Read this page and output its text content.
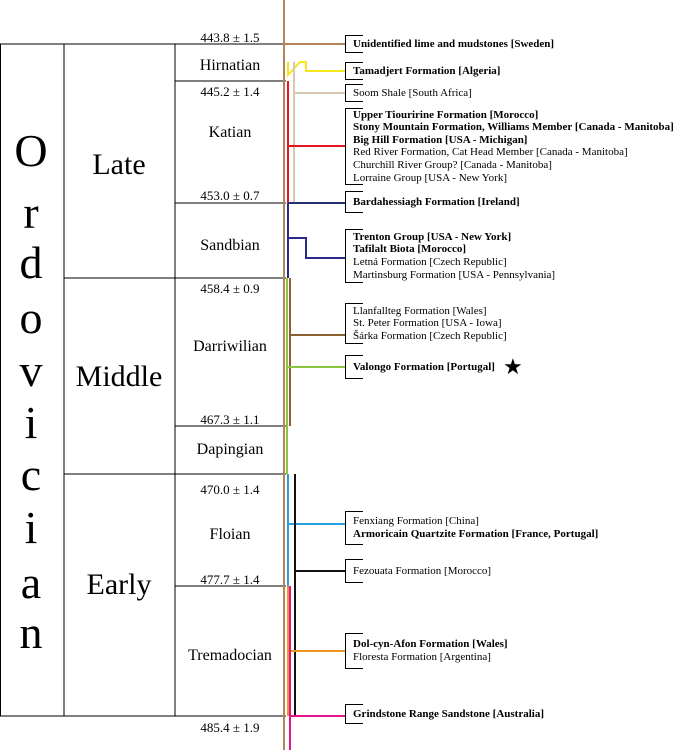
O
r
d
o
v
i
c
i
a
n
Late
Middle
Early
Hirnatian
Katian
Sandbian
Darriwilian
Dapingian
Floian
Tremadocian
443.8 ± 1.5
445.2 ± 1.4
453.0 ± 0.7
458.4 ± 0.9
467.3 ± 1.1
470.0 ± 1.4
477.7 ± 1.4
485.4 ± 1.9
Unidentified lime and mudstones [Sweden]
Tamadjert Formation [Algeria]
Soom Shale [South Africa]
Upper Tiouririne Formation [Morocco]
Stony Mountain Formation, Williams Member [Canada - Manitoba]
Big Hill Formation [USA - Michigan]
Red River Formation, Cat Head Member [Canada - Manitoba]
Churchill River Group? [Canada - Manitoba]
Lorraine Group [USA - New York]
Bardahessiagh Formation [Ireland]
Trenton Group [USA - New York]
Tafilalt Biota [Morocco]
Letná Formation [Czech Republic]
Martinsburg Formation [USA - Pennsylvania]
Llanfallteg Formation [Wales]
St. Peter Formation [USA - Iowa]
Šárka Formation [Czech Republic]
Valongo Formation [Portugal]
Fenxiang Formation [China]
Armoricain Quartzite Formation [France, Portugal]
Fezouata Formation [Morocco]
Dol-cyn-Afon Formation [Wales]
Floresta Formation [Argentina]
Grindstone Range Sandstone [Australia]
★
